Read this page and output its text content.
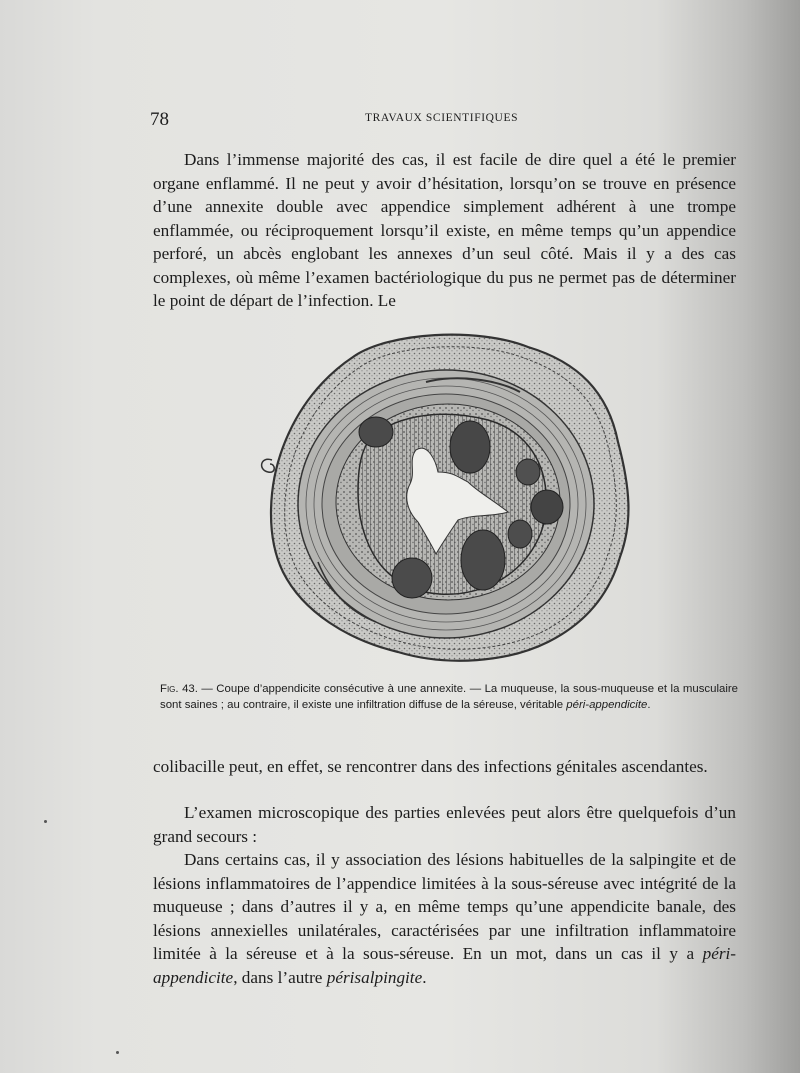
78	TRAVAUX SCIENTIFIQUES

Dans l’immense majorité des cas, il est facile de dire quel a été le premier organe enflammé. Il ne peut y avoir d’hésitation, lorsqu’on se trouve en présence d’une annexite double avec appendice simplement adhérent à une trompe enflammée, ou réciproquement lorsqu’il existe, en même temps qu’un appendice perforé, un abcès englobant les annexes d’un seul côté. Mais il y a des cas complexes, où même l’examen bactériologique du pus ne permet pas de déterminer le point de départ de l’infection. Le

Fig. 43. — Coupe d’appendicite consécutive à une annexite. — La muqueuse, la sous-muqueuse et la musculaire sont saines ; au contraire, il existe une infiltration diffuse de la séreuse, véritable péri-appendicite.

colibacille peut, en effet, se rencontrer dans des infections génitales ascendantes.

L’examen microscopique des parties enlevées peut alors être quelquefois d’un grand secours :

Dans certains cas, il y association des lésions habituelles de la salpingite et de lésions inflammatoires de l’appendice limitées à la sous-séreuse avec intégrité de la muqueuse ; dans d’autres il y a, en même temps qu’une appendicite banale, des lésions annexielles unilatérales, caractérisées par une infiltration inflammatoire limitée à la séreuse et à la sous-séreuse. En un mot, dans un cas il y a péri-appendicite, dans l’autre périsalpingite.
